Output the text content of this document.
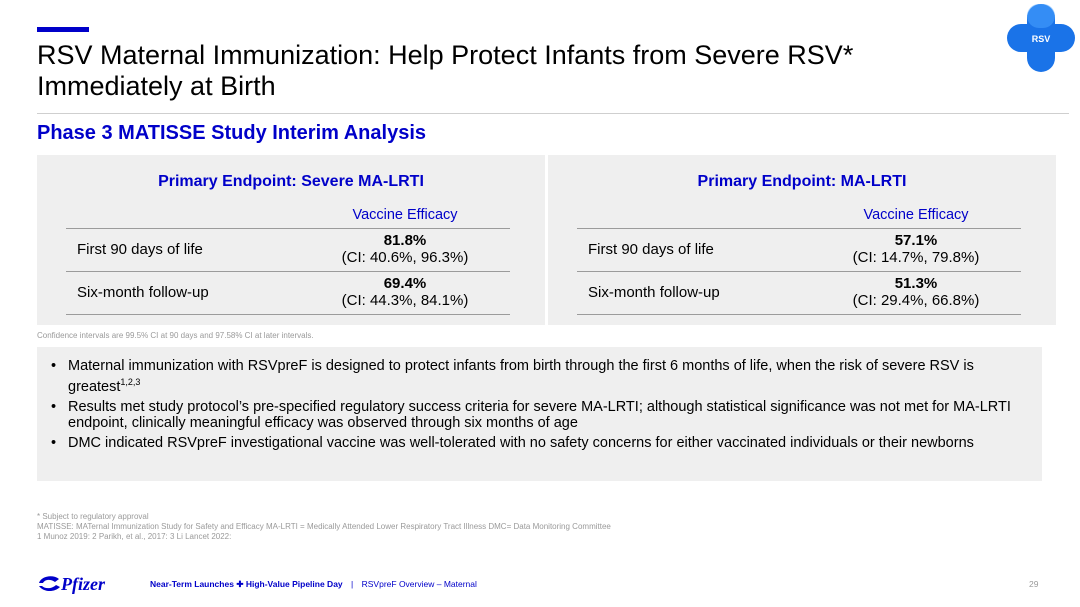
RSV Maternal Immunization: Help Protect Infants from Severe RSV*
Immediately at Birth
RSV
Phase 3 MATISSE Study Interim Analysis
Primary Endpoint: Severe MA-LRTI
Vaccine Efficacy
First 90 days of life
81.8%
(CI: 40.6%, 96.3%)
Six-month follow-up
69.4%
(CI: 44.3%, 84.1%)
Primary Endpoint: MA-LRTI
Vaccine Efficacy
First 90 days of life
57.1%
(CI: 14.7%, 79.8%)
Six-month follow-up
51.3%
(CI: 29.4%, 66.8%)
Confidence intervals are 99.5% CI at 90 days and 97.58% CI at later intervals.
• Maternal immunization with RSVpreF is designed to protect infants from birth through the first 6 months of life, when the risk of severe RSV is greatest$^{1,2,3}$
• Results met study protocol’s pre-specified regulatory success criteria for severe MA-LRTI; although statistical significance was not met for MA-LRTI endpoint, clinically meaningful efficacy was observed through six months of age
• DMC indicated RSVpreF investigational vaccine was well-tolerated with no safety concerns for either vaccinated individuals or their newborns
* Subject to regulatory approval
MATISSE: MATernal Immunization Study for Safety and Efficacy MA-LRTI = Medically Attended Lower Respiratory Tract Illness DMC= Data Monitoring Committee
1 Munoz 2019: 2 Parikh, et al., 2017: 3 Li Lancet 2022:
Pfizer	Near-Term Launches ✚ High-Value Pipeline Day | RSVpreF Overview – Maternal	29
